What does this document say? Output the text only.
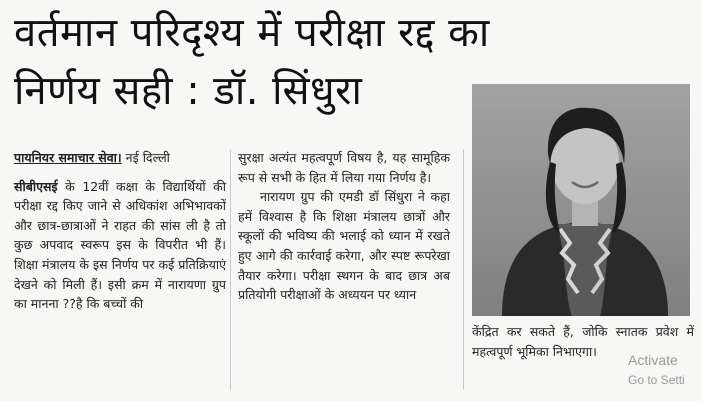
वर्तमान परिदृश्य में परीक्षा रद्द का
निर्णय सही : डॉ. सिंधुरा

पायनियर समाचार सेवा। नई दिल्ली

सीबीएसई के 12वीं कक्षा के विद्यार्थियों की परीक्षा रद्द किए जाने से अधिकांश अभिभावकों और छात्र-छात्राओं ने राहत की सांस ली है तो कुछ अपवाद स्वरूप इस के विपरीत भी हैं। शिक्षा मंत्रालय के इस निर्णय पर कई प्रतिक्रियाएं देखने को मिली हैं। इसी क्रम में नारायणा ग्रुप का मानना ??है कि बच्चों की

सुरक्षा अत्यंत महत्वपूर्ण विषय है, यह सामूहिक रूप से सभी के हित में लिया गया निर्णय है।

नारायण ग्रुप की एमडी डॉ सिंधुरा ने कहा हमें विश्वास है कि शिक्षा मंत्रालय छात्रों और स्कूलों की भविष्य की भलाई को ध्यान में रखते हुए आगे की कार्रवाई करेगा, और स्पष्ट रूपरेखा तैयार करेगा। परीक्षा स्थगन के बाद छात्र अब प्रतियोगी परीक्षाओं के अध्ययन पर ध्यान

केंद्रित कर सकते हैं, जोकि स्नातक प्रवेश में महत्वपूर्ण भूमिका निभाएगा।

Activate
Go to Setti
